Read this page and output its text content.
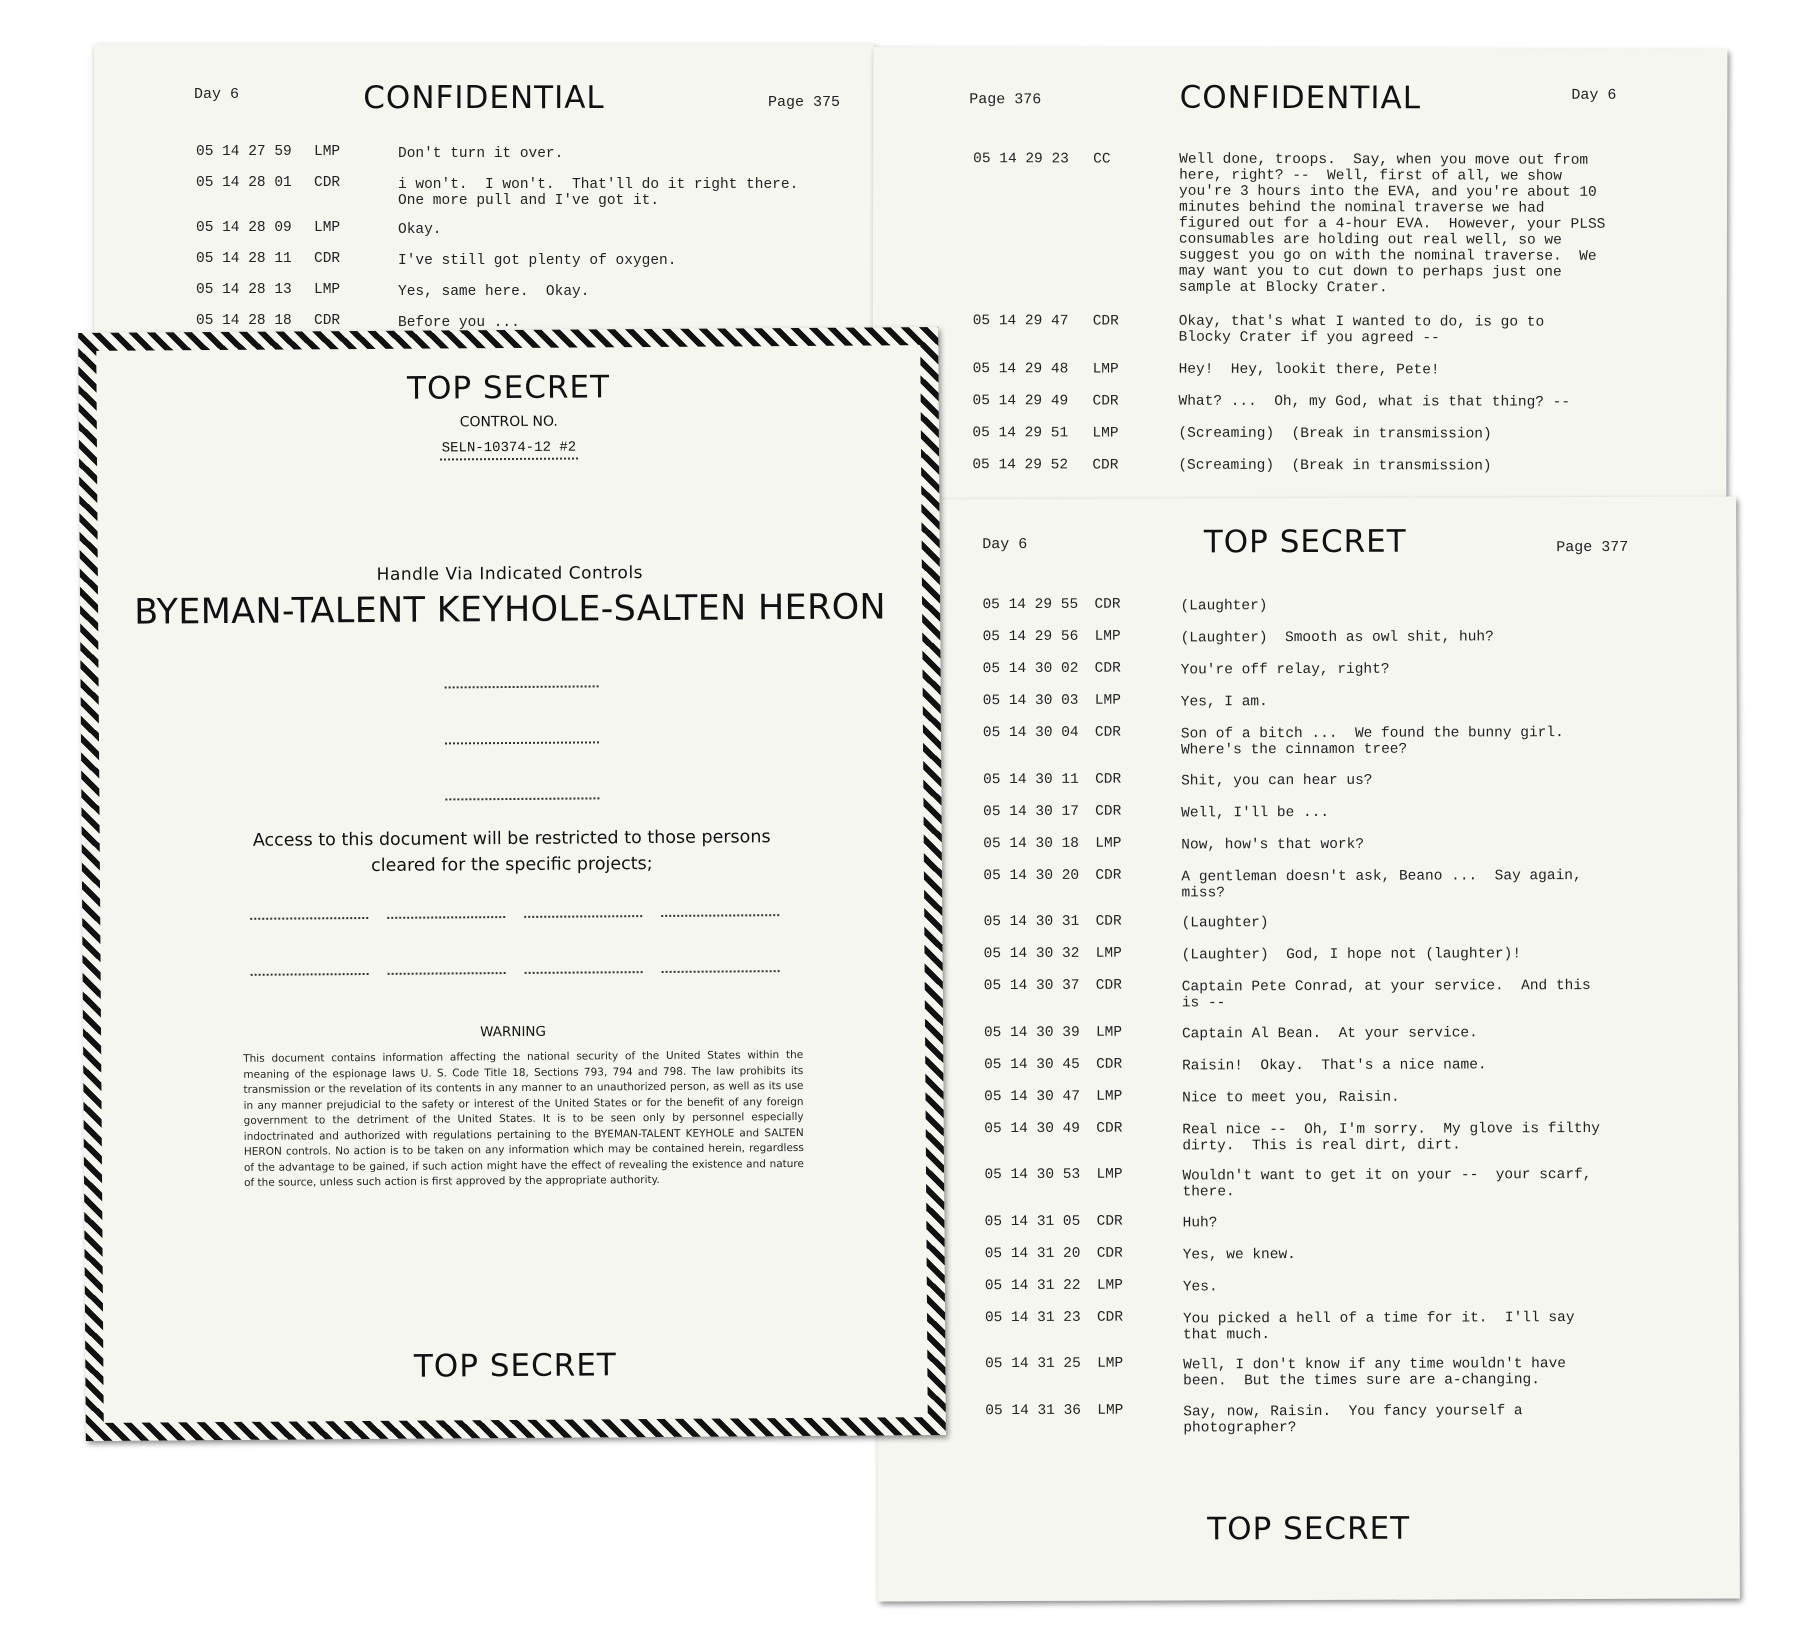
Day 6	CONFIDENTIAL	Page 375
05 14 27 59 LMP	Don't turn it over.
05 14 28 01 CDR	i won't.  I won't.  That'll do it right there.
One more pull and I've got it.
05 14 28 09 LMP	Okay.
05 14 28 11 CDR	I've still got plenty of oxygen.
05 14 28 13 LMP	Yes, same here.  Okay.
05 14 28 18 CDR	Before you ...
Page 376	CONFIDENTIAL	Day 6
05 14 29 23 CC	Well done, troops.  Say, when you move out from
here, right? --  Well, first of all, we show
you're 3 hours into the EVA, and you're about 10
minutes behind the nominal traverse we had
figured out for a 4-hour EVA.  However, your PLSS
consumables are holding out real well, so we
suggest you go on with the nominal traverse.  We
may want you to cut down to perhaps just one
sample at Blocky Crater.
05 14 29 47 CDR	Okay, that's what I wanted to do, is go to
Blocky Crater if you agreed --
05 14 29 48 LMP	Hey!  Hey, lookit there, Pete!
05 14 29 49 CDR	What? ...  Oh, my God, what is that thing? --
05 14 29 51 LMP	(Screaming)  (Break in transmission)
05 14 29 52 CDR	(Screaming)  (Break in transmission)
Day 6	TOP SECRET	Page 377
05 14 29 55 CDR	(Laughter)
05 14 29 56 LMP	(Laughter)  Smooth as owl shit, huh?
05 14 30 02 CDR	You're off relay, right?
05 14 30 03 LMP	Yes, I am.
05 14 30 04 CDR	Son of a bitch ...  We found the bunny girl.
Where's the cinnamon tree?
05 14 30 11 CDR	Shit, you can hear us?
05 14 30 17 CDR	Well, I'll be ...
05 14 30 18 LMP	Now, how's that work?
05 14 30 20 CDR	A gentleman doesn't ask, Beano ...  Say again,
miss?
05 14 30 31 CDR	(Laughter)
05 14 30 32 LMP	(Laughter)  God, I hope not (laughter)!
05 14 30 37 CDR	Captain Pete Conrad, at your service.  And this
is --
05 14 30 39 LMP	Captain Al Bean.  At your service.
05 14 30 45 CDR	Raisin!  Okay.  That's a nice name.
05 14 30 47 LMP	Nice to meet you, Raisin.
05 14 30 49 CDR	Real nice --  Oh, I'm sorry.  My glove is filthy
dirty.  This is real dirt, dirt.
05 14 30 53 LMP	Wouldn't want to get it on your --  your scarf,
there.
05 14 31 05 CDR	Huh?
05 14 31 20 CDR	Yes, we knew.
05 14 31 22 LMP	Yes.
05 14 31 23 CDR	You picked a hell of a time for it.  I'll say
that much.
05 14 31 25 LMP	Well, I don't know if any time wouldn't have
been.  But the times sure are a-changing.
05 14 31 36 LMP	Say, now, Raisin.  You fancy yourself a
photographer?
TOP SECRET
TOP SECRET
CONTROL NO.
SELN-10374-12 #2
Handle Via Indicated Controls
BYEMAN-TALENT KEYHOLE-SALTEN HERON
Access to this document will be restricted to those persons
cleared for the specific projects;
WARNING
This document contains information affecting the national security of the United States within the meaning of the espionage laws U. S. Code Title 18, Sections 793, 794 and 798. The law prohibits its transmission or the revelation of its contents in any manner to an unauthorized person, as well as its use in any manner prejudicial to the safety or interest of the United States or for the benefit of any foreign government to the detriment of the United States. It is to be seen only by personnel especially indoctrinated and authorized with regulations pertaining to the BYEMAN-TALENT KEYHOLE and SALTEN HERON controls. No action is to be taken on any information which may be contained herein, regardless of the advantage to be gained, if such action might have the effect of revealing the existence and nature of the source, unless such action is first approved by the appropriate authority.
TOP SECRET
